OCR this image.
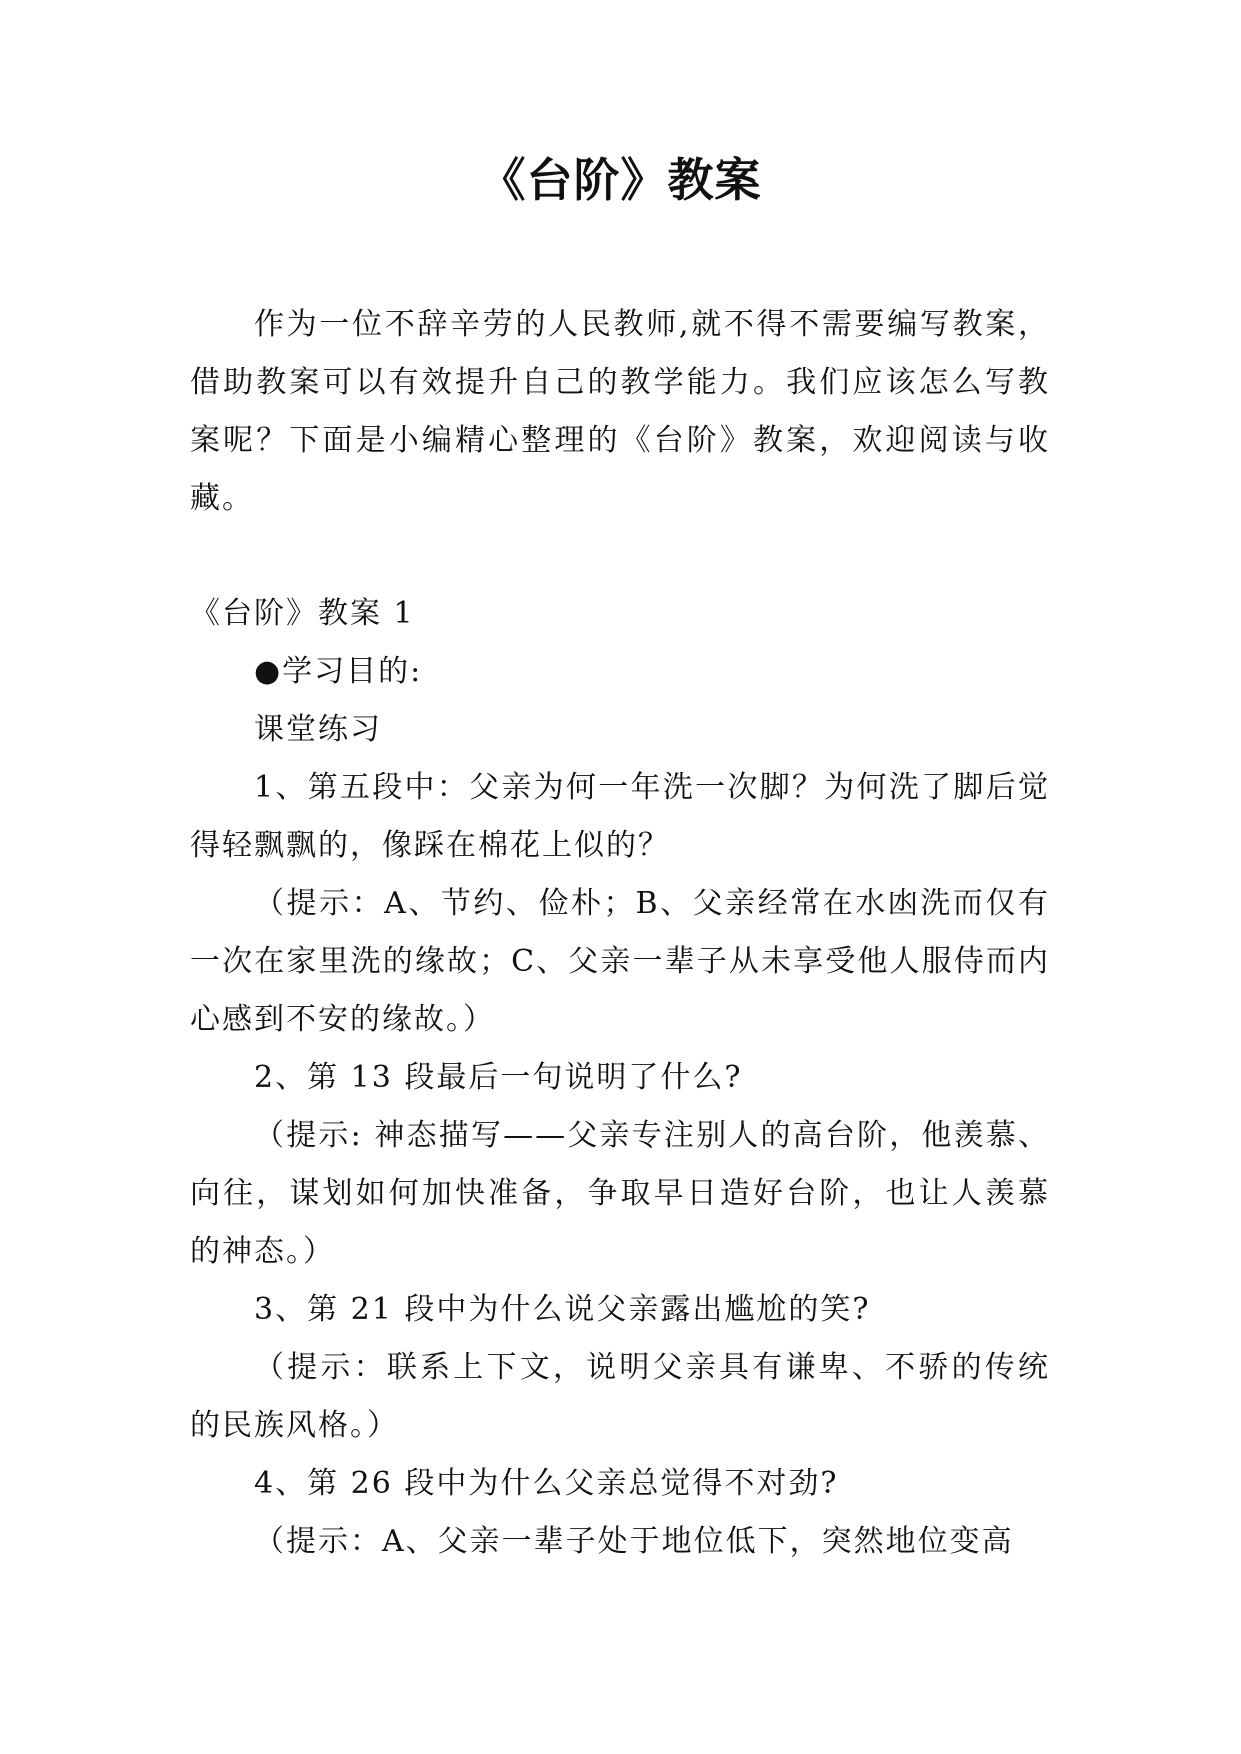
《台阶》教案

作为一位不辞辛劳的人民教师,就不得不需要编写教案，借助教案可以有效提升自己的教学能力。我们应该怎么写教案呢？下面是小编精心整理的《台阶》教案，欢迎阅读与收藏。

《台阶》教案 1

●学习目的:

课堂练习

1、第五段中：父亲为何一年洗一次脚？为何洗了脚后觉得轻飘飘的，像踩在棉花上似的？

（提示：A、节约、俭朴；B、父亲经常在水凼洗而仅有一次在家里洗的缘故；C、父亲一辈子从未享受他人服侍而内心感到不安的缘故。）

2、第 13 段最后一句说明了什么?

（提示: 神态描写——父亲专注别人的高台阶，他羡慕、向往，谋划如何加快准备，争取早日造好台阶，也让人羡慕的神态。）

3、第 21 段中为什么说父亲露出尴尬的笑?

（提示：联系上下文，说明父亲具有谦卑、不骄的传统的民族风格。）

4、第 26 段中为什么父亲总觉得不对劲?

（提示：A、父亲一辈子处于地位低下，突然地位变高
